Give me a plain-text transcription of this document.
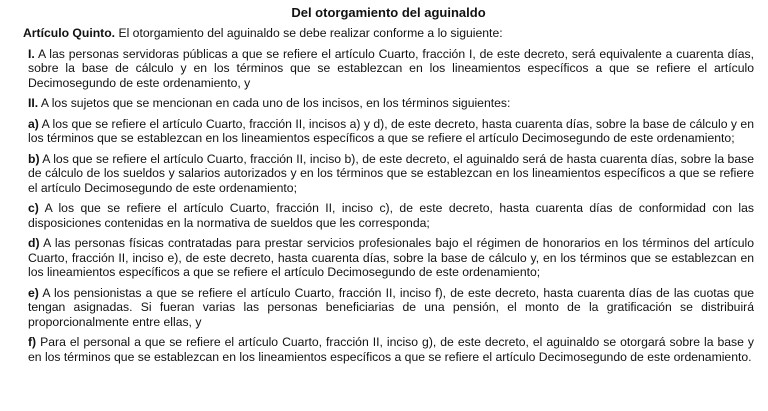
Del otorgamiento del aguinaldo

Artículo Quinto. El otorgamiento del aguinaldo se debe realizar conforme a lo siguiente:

I. A las personas servidoras públicas a que se refiere el artículo Cuarto, fracción I, de este decreto, será equivalente a cuarenta días, sobre la base de cálculo y en los términos que se establezcan en los lineamientos específicos a que se refiere el artículo Decimosegundo de este ordenamiento, y

II. A los sujetos que se mencionan en cada uno de los incisos, en los términos siguientes:

a) A los que se refiere el artículo Cuarto, fracción II, incisos a) y d), de este decreto, hasta cuarenta días, sobre la base de cálculo y en los términos que se establezcan en los lineamientos específicos a que se refiere el artículo Decimosegundo de este ordenamiento;

b) A los que se refiere el artículo Cuarto, fracción II, inciso b), de este decreto, el aguinaldo será de hasta cuarenta días, sobre la base de cálculo de los sueldos y salarios autorizados y en los términos que se establezcan en los lineamientos específicos a que se refiere el artículo Decimosegundo de este ordenamiento;

c) A los que se refiere el artículo Cuarto, fracción II, inciso c), de este decreto, hasta cuarenta días de conformidad con las disposiciones contenidas en la normativa de sueldos que les corresponda;

d) A las personas físicas contratadas para prestar servicios profesionales bajo el régimen de honorarios en los términos del artículo Cuarto, fracción II, inciso e), de este decreto, hasta cuarenta días, sobre la base de cálculo y, en los términos que se establezcan en los lineamientos específicos a que se refiere el artículo Decimosegundo de este ordenamiento;

e) A los pensionistas a que se refiere el artículo Cuarto, fracción II, inciso f), de este decreto, hasta cuarenta días de las cuotas que tengan asignadas. Si fueran varias las personas beneficiarias de una pensión, el monto de la gratificación se distribuirá proporcionalmente entre ellas, y

f) Para el personal a que se refiere el artículo Cuarto, fracción II, inciso g), de este decreto, el aguinaldo se otorgará sobre la base y en los términos que se establezcan en los lineamientos específicos a que se refiere el artículo Decimosegundo de este ordenamiento.
